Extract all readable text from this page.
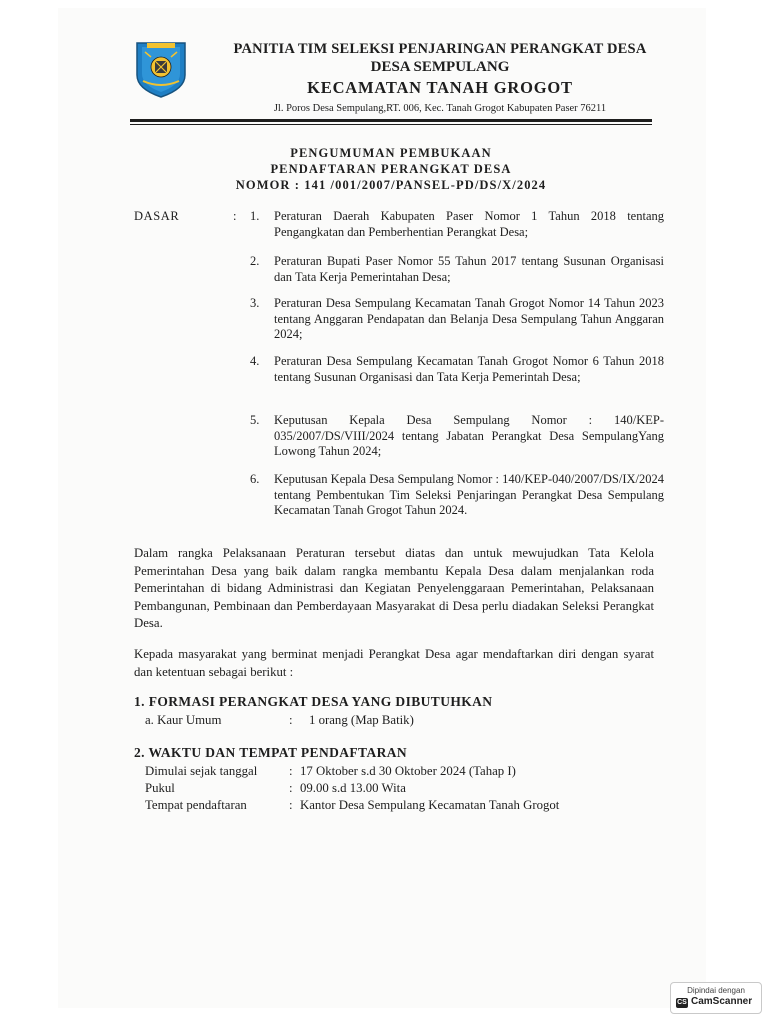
PANITIA TIM SELEKSI PENJARINGAN PERANGKAT DESA
DESA SEMPULANG
KECAMATAN TANAH GROGOT
Jl. Poros Desa Sempulang,RT. 006, Kec. Tanah Grogot Kabupaten Paser 76211
PENGUMUMAN PEMBUKAAN
PENDAFTARAN PERANGKAT DESA
NOMOR : 141 /001/2007/PANSEL-PD/DS/X/2024
DASAR	: 1.	Peraturan Daerah Kabupaten Paser Nomor 1 Tahun 2018 tentang Pengangkatan dan Pemberhentian Perangkat Desa;
2.	Peraturan Bupati Paser Nomor 55 Tahun 2017 tentang Susunan Organisasi dan Tata Kerja Pemerintahan Desa;
3.	Peraturan Desa Sempulang Kecamatan Tanah Grogot Nomor 14 Tahun 2023 tentang Anggaran Pendapatan dan Belanja Desa Sempulang Tahun Anggaran 2024;
4.	Peraturan Desa Sempulang Kecamatan Tanah Grogot Nomor 6 Tahun 2018 tentang Susunan Organisasi dan Tata Kerja Pemerintah Desa;
5.	Keputusan Kepala Desa Sempulang Nomor : 140/KEP-035/2007/DS/VIII/2024 tentang Jabatan Perangkat Desa SempulangYang Lowong Tahun 2024;
6.	Keputusan Kepala Desa Sempulang Nomor : 140/KEP-040/2007/DS/IX/2024 tentang Pembentukan Tim Seleksi Penjaringan Perangkat Desa Sempulang Kecamatan Tanah Grogot Tahun 2024.
Dalam rangka Pelaksanaan Peraturan tersebut diatas dan untuk mewujudkan Tata Kelola Pemerintahan Desa yang baik dalam rangka membantu Kepala Desa dalam menjalankan roda Pemerintahan di bidang Administrasi dan Kegiatan Penyelenggaraan Pemerintahan, Pelaksanaan Pembangunan, Pembinaan dan Pemberdayaan Masyarakat di Desa perlu diadakan Seleksi Perangkat Desa.
Kepada masyarakat yang berminat menjadi Perangkat Desa agar mendaftarkan diri dengan syarat dan ketentuan sebagai berikut :
1. FORMASI PERANGKAT DESA YANG DIBUTUHKAN
a. Kaur Umum	: 1 orang (Map Batik)
2. WAKTU DAN TEMPAT PENDAFTARAN
Dimulai sejak tanggal : 17 Oktober s.d 30 Oktober 2024 (Tahap I)
Pukul	: 09.00 s.d 13.00 Wita
Tempat pendaftaran	: Kantor Desa Sempulang Kecamatan Tanah Grogot
Dipindai dengan
CS CamScanner
